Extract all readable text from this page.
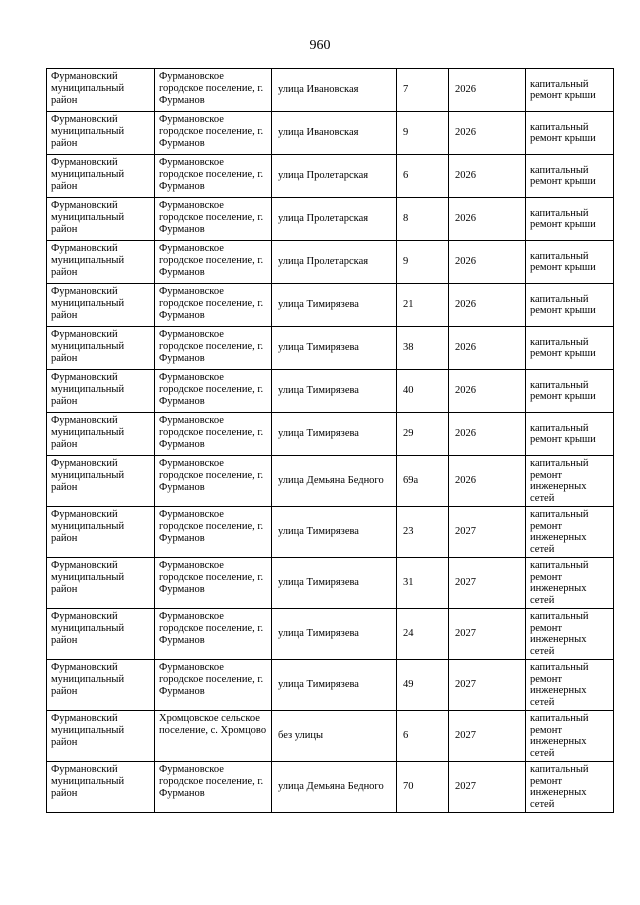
960
Фурмановский муниципальный район	Фурмановское городское поселение, г. Фурманов	улица Ивановская	7	2026	капитальный ремонт крыши
Фурмановский муниципальный район	Фурмановское городское поселение, г. Фурманов	улица Ивановская	9	2026	капитальный ремонт крыши
Фурмановский муниципальный район	Фурмановское городское поселение, г. Фурманов	улица Пролетарская	6	2026	капитальный ремонт крыши
Фурмановский муниципальный район	Фурмановское городское поселение, г. Фурманов	улица Пролетарская	8	2026	капитальный ремонт крыши
Фурмановский муниципальный район	Фурмановское городское поселение, г. Фурманов	улица Пролетарская	9	2026	капитальный ремонт крыши
Фурмановский муниципальный район	Фурмановское городское поселение, г. Фурманов	улица Тимирязева	21	2026	капитальный ремонт крыши
Фурмановский муниципальный район	Фурмановское городское поселение, г. Фурманов	улица Тимирязева	38	2026	капитальный ремонт крыши
Фурмановский муниципальный район	Фурмановское городское поселение, г. Фурманов	улица Тимирязева	40	2026	капитальный ремонт крыши
Фурмановский муниципальный район	Фурмановское городское поселение, г. Фурманов	улица Тимирязева	29	2026	капитальный ремонт крыши
Фурмановский муниципальный район	Фурмановское городское поселение, г. Фурманов	улица Демьяна Бедного	69а	2026	капитальный ремонт инженерных сетей
Фурмановский муниципальный район	Фурмановское городское поселение, г. Фурманов	улица Тимирязева	23	2027	капитальный ремонт инженерных сетей
Фурмановский муниципальный район	Фурмановское городское поселение, г. Фурманов	улица Тимирязева	31	2027	капитальный ремонт инженерных сетей
Фурмановский муниципальный район	Фурмановское городское поселение, г. Фурманов	улица Тимирязева	24	2027	капитальный ремонт инженерных сетей
Фурмановский муниципальный район	Фурмановское городское поселение, г. Фурманов	улица Тимирязева	49	2027	капитальный ремонт инженерных сетей
Фурмановский муниципальный район	Хромцовское сельское поселение, с. Хромцово	без улицы	6	2027	капитальный ремонт инженерных сетей
Фурмановский муниципальный район	Фурмановское городское поселение, г. Фурманов	улица Демьяна Бедного	70	2027	капитальный ремонт инженерных сетей
